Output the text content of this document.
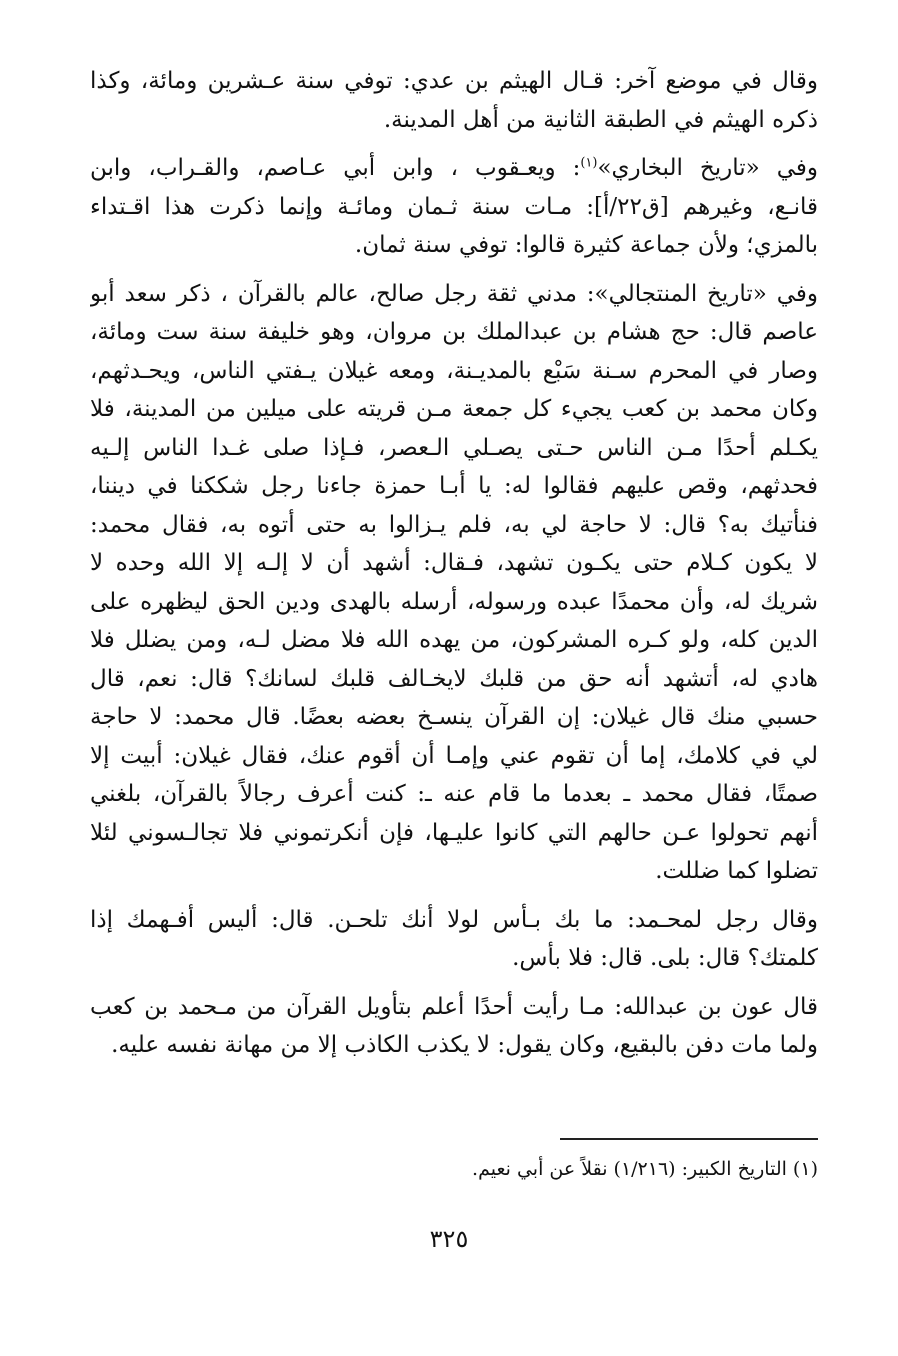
وقال في موضع آخر: قـال الهيثم بن عدي: توفي سنة عـشرين ومائة، وكذا
ذكره الهيثم في الطبقة الثانية من أهل المدينة.

وفي «تاريخ البخاري»$^{(١)}$: ويعـقوب ، وابن أبي عـاصم، والقـراب، وابن
قانـع، وغيرهم [ق٢٢/أ]: مـات سنة ثـمان ومائـة وإنما ذكرت هذا اقـتداء
بالمزي؛ ولأن جماعة كثيرة قالوا: توفي سنة ثمان.

وفي «تاريخ المنتجالي»: مدني ثقة رجل صالح، عالم بالقرآن ، ذكر سعد أبو
عاصم قال: حج هشام بن عبدالملك بن مروان، وهو خليفة سنة ست ومائة،
وصار في المحرم سـنة سَبْع بالمديـنة، ومعه غيلان يـفتي الناس، ويحـدثهم،
وكان محمد بن كعب يجيء كل جمعة مـن قريته على ميلين من المدينة، فلا
يكـلم أحدًا مـن الناس حـتى يصـلي الـعصر، فـإذا صلى غـدا الناس إلـيه
فحدثهم، وقص عليهم فقالوا له: يا أبـا حمزة جاءنا رجل شككنا في ديننا،
فنأتيك به؟ قال: لا حاجة لي به، فلم يـزالوا به حتى أتوه به، فقال محمد:
لا يكون كـلام حتى يكـون تشهد، فـقال: أشهد أن لا إلـه إلا الله وحده لا
شريك له، وأن محمدًا عبده ورسوله، أرسله بالهدى ودين الحق ليظهره على
الدين كله، ولو كـره المشركون، من يهده الله فلا مضل لـه، ومن يضلل فلا
هادي له، أتشهد أنه حق من قلبك لايخـالف قلبك لسانك؟ قال: نعم، قال
حسبي منك قال غيلان: إن القرآن ينسـخ بعضه بعضًا. قال محمد: لا حاجة
لي في كلامك، إما أن تقوم عني وإمـا أن أقوم عنك، فقال غيلان: أبيت إلا
صمتًا، فقال محمد ـ بعدما ما قام عنه ـ: كنت أعرف رجالاً بالقرآن، بلغني
أنهم تحولوا عـن حالهم التي كانوا عليـها، فإن أنكرتموني فلا تجالـسوني لئلا
تضلوا كما ضللت.

وقال رجل لمحـمد: ما بك بـأس لولا أنك تلحـن. قال: أليس أفـهمك إذا
كلمتك؟ قال: بلى. قال: فلا بأس.

قال عون بن عبدالله: مـا رأيت أحدًا أعلم بتأويل القرآن من مـحمد بن كعب
ولما مات دفن بالبقيع، وكان يقول: لا يكذب الكاذب إلا من مهانة نفسه عليه.

(١) التاريخ الكبير: (١/٢١٦) نقلاً عن أبي نعيم.
٣٢٥
